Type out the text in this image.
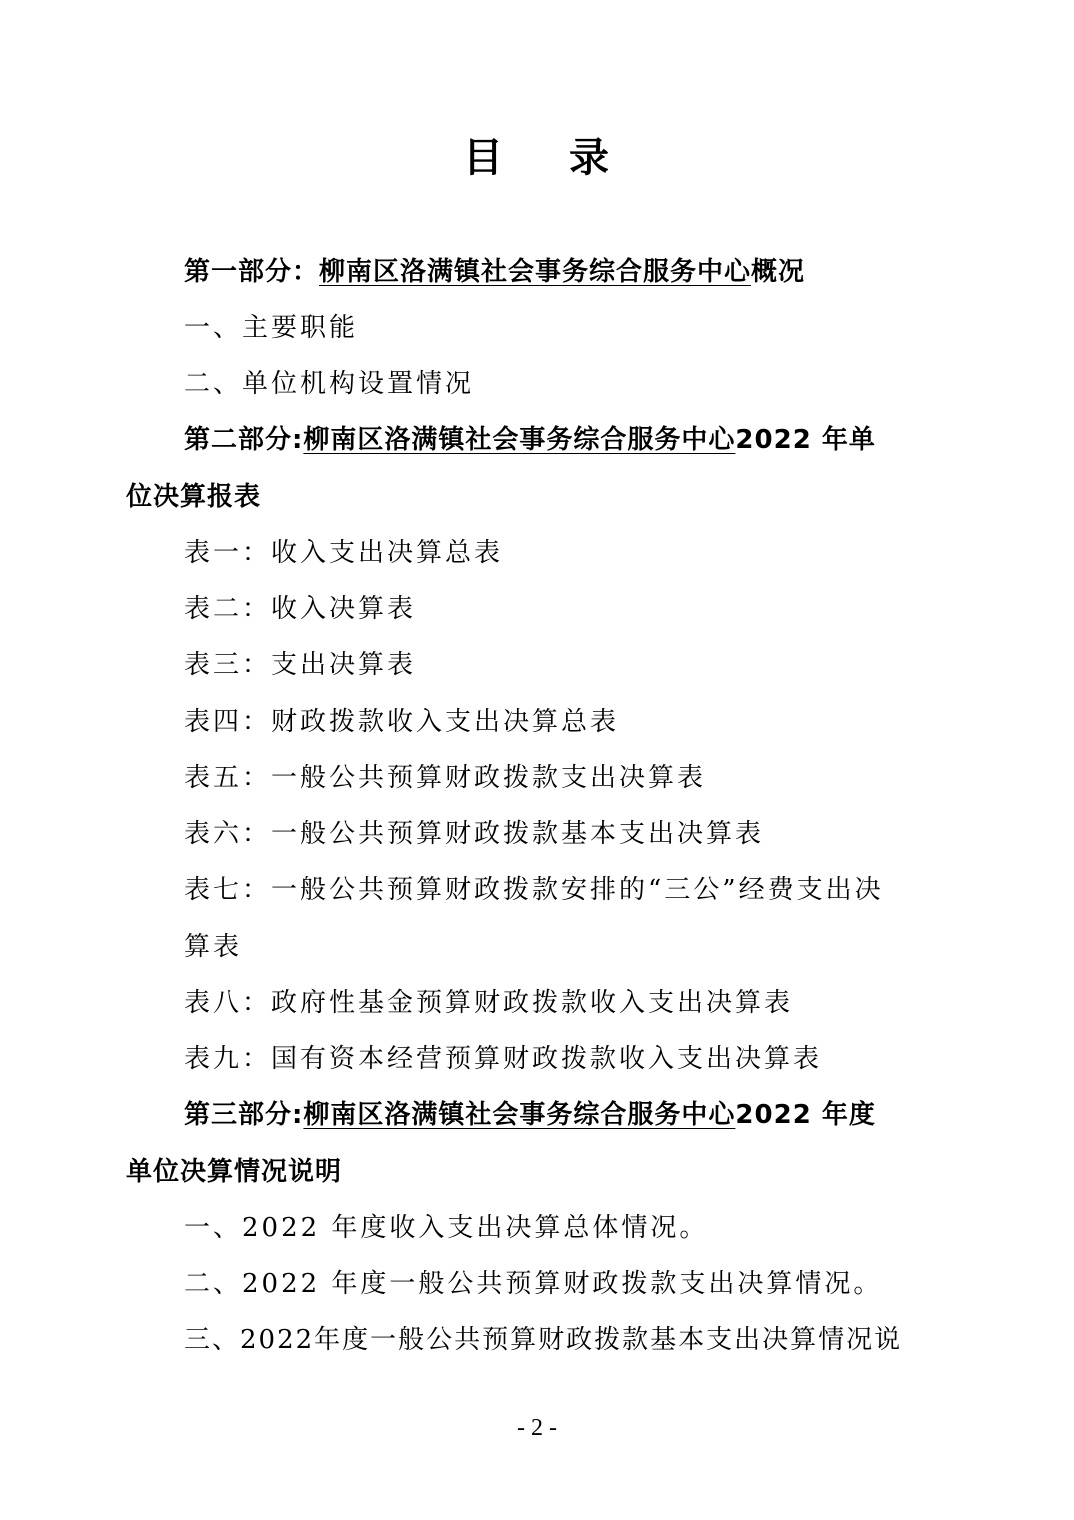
目 录
第一部分：柳南区洛满镇社会事务综合服务中心概况
一、主要职能
二、单位机构设置情况
第二部分:柳南区洛满镇社会事务综合服务中心2022 年单
位决算报表
表一：收入支出决算总表
表二：收入决算表
表三：支出决算表
表四：财政拨款收入支出决算总表
表五：一般公共预算财政拨款支出决算表
表六：一般公共预算财政拨款基本支出决算表
表七：一般公共预算财政拨款安排的“三公”经费支出决
算表
表八：政府性基金预算财政拨款收入支出决算表
表九：国有资本经营预算财政拨款收入支出决算表
第三部分:柳南区洛满镇社会事务综合服务中心2022 年度
单位决算情况说明
一、2022 年度收入支出决算总体情况。
二、2022 年度一般公共预算财政拨款支出决算情况。
三、2022年度一般公共预算财政拨款基本支出决算情况说
- 2 -
